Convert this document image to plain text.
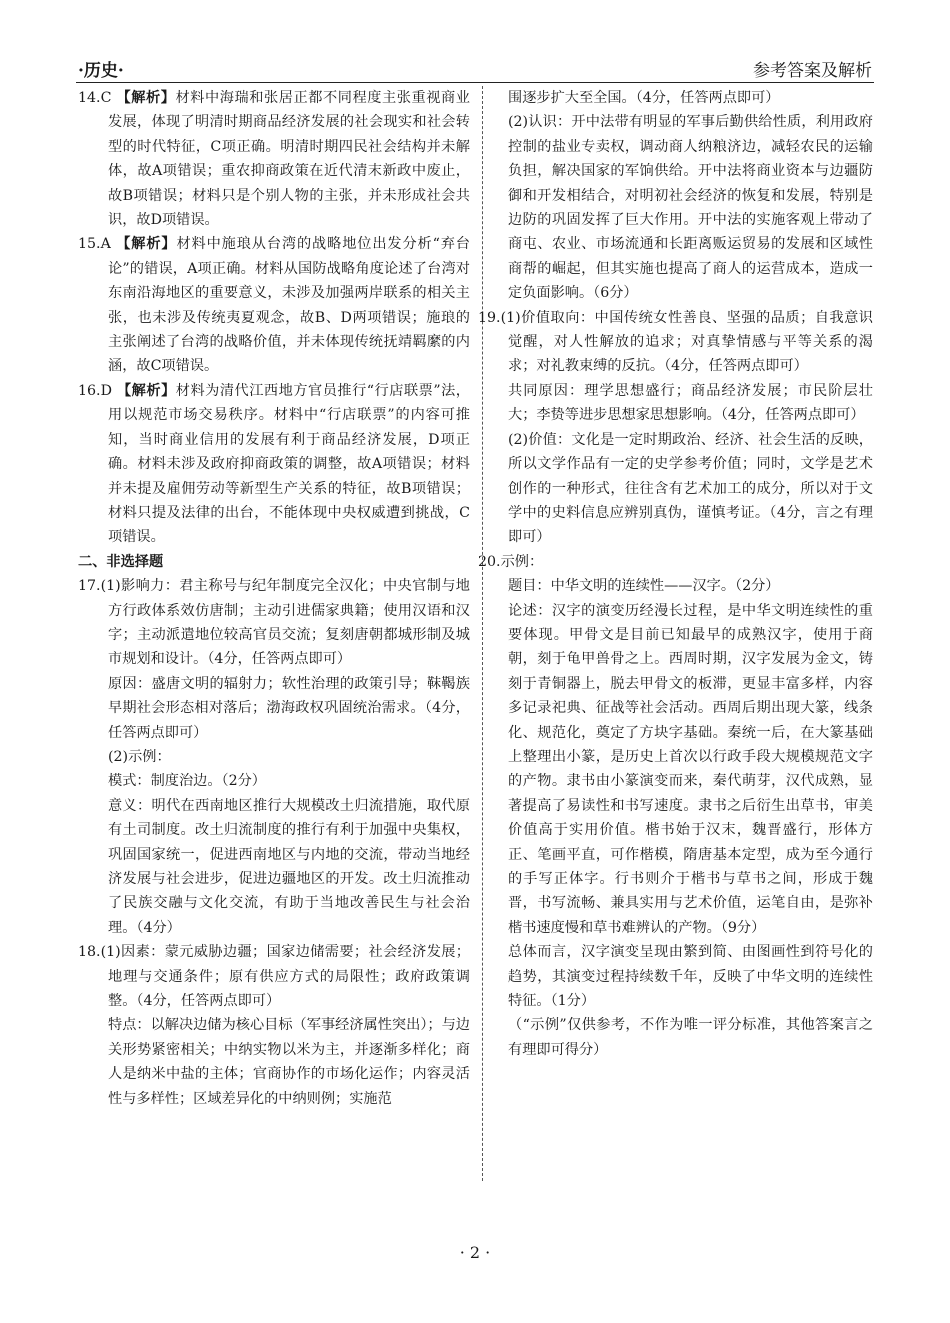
·历史·	参考答案及解析

14.C 【解析】材料中海瑞和张居正都不同程度主张重视商业发展，体现了明清时期商品经济发展的社会现实和社会转型的时代特征，C项正确。明清时期四民社会结构并未解体，故A项错误；重农抑商政策在近代清末新政中废止，故B项错误；材料只是个别人物的主张，并未形成社会共识，故D项错误。

15.A 【解析】材料中施琅从台湾的战略地位出发分析“弃台论”的错误，A项正确。材料从国防战略角度论述了台湾对东南沿海地区的重要意义，未涉及加强两岸联系的相关主张，也未涉及传统夷夏观念，故B、D两项错误；施琅的主张阐述了台湾的战略价值，并未体现传统抚靖羁縻的内涵，故C项错误。

16.D 【解析】材料为清代江西地方官员推行“行店联票”法，用以规范市场交易秩序。材料中“行店联票”的内容可推知，当时商业信用的发展有利于商品经济发展，D项正确。材料未涉及政府抑商政策的调整，故A项错误；材料并未提及雇佣劳动等新型生产关系的特征，故B项错误；材料只提及法律的出台，不能体现中央权威遭到挑战，C项错误。

二、非选择题

17.(1)影响力：君主称号与纪年制度完全汉化；中央官制与地方行政体系效仿唐制；主动引进儒家典籍；使用汉语和汉字；主动派遣地位较高官员交流；复刻唐朝都城形制及城市规划和设计。（4分，任答两点即可）

原因：盛唐文明的辐射力；软性治理的政策引导；靺鞨族早期社会形态相对落后；渤海政权巩固统治需求。（4分，任答两点即可）

(2)示例：

模式：制度治边。（2分）

意义：明代在西南地区推行大规模改土归流措施，取代原有土司制度。改土归流制度的推行有利于加强中央集权，巩固国家统一，促进西南地区与内地的交流，带动当地经济发展与社会进步，促进边疆地区的开发。改土归流推动了民族交融与文化交流，有助于当地改善民生与社会治理。（4分）

18.(1)因素：蒙元威胁边疆；国家边储需要；社会经济发展；地理与交通条件；原有供应方式的局限性；政府政策调整。（4分，任答两点即可）

特点：以解决边储为核心目标（军事经济属性突出）；与边关形势紧密相关；中纳实物以米为主，并逐渐多样化；商人是纳米中盐的主体；官商协作的市场化运作；内容灵活性与多样性；区域差异化的中纳则例；实施范

围逐步扩大至全国。（4分，任答两点即可）

(2)认识：开中法带有明显的军事后勤供给性质，利用政府控制的盐业专卖权，调动商人纳粮济边，减轻农民的运输负担，解决国家的军饷供给。开中法将商业资本与边疆防御和开发相结合，对明初社会经济的恢复和发展，特别是边防的巩固发挥了巨大作用。开中法的实施客观上带动了商屯、农业、市场流通和长距离贩运贸易的发展和区域性商帮的崛起，但其实施也提高了商人的运营成本，造成一定负面影响。（6分）

19.(1)价值取向：中国传统女性善良、坚强的品质；自我意识觉醒，对人性解放的追求；对真挚情感与平等关系的渴求；对礼教束缚的反抗。（4分，任答两点即可）

共同原因：理学思想盛行；商品经济发展；市民阶层壮大；李贽等进步思想家思想影响。（4分，任答两点即可）

(2)价值：文化是一定时期政治、经济、社会生活的反映，所以文学作品有一定的史学参考价值；同时，文学是艺术创作的一种形式，往往含有艺术加工的成分，所以对于文学中的史料信息应辨别真伪，谨慎考证。（4分，言之有理即可）

20.示例：

题目：中华文明的连续性——汉字。（2分）

论述：汉字的演变历经漫长过程，是中华文明连续性的重要体现。甲骨文是目前已知最早的成熟汉字，使用于商朝，刻于龟甲兽骨之上。西周时期，汉字发展为金文，铸刻于青铜器上，脱去甲骨文的板滞，更显丰富多样，内容多记录祀典、征战等社会活动。西周后期出现大篆，线条化、规范化，奠定了方块字基础。秦统一后，在大篆基础上整理出小篆，是历史上首次以行政手段大规模规范文字的产物。隶书由小篆演变而来，秦代萌芽，汉代成熟，显著提高了易读性和书写速度。隶书之后衍生出草书，审美价值高于实用价值。楷书始于汉末，魏晋盛行，形体方正、笔画平直，可作楷模，隋唐基本定型，成为至今通行的手写正体字。行书则介于楷书与草书之间，形成于魏晋，书写流畅、兼具实用与艺术价值，运笔自由，是弥补楷书速度慢和草书难辨认的产物。（9分）

总体而言，汉字演变呈现由繁到简、由图画性到符号化的趋势，其演变过程持续数千年，反映了中华文明的连续性特征。（1分）

（“示例”仅供参考，不作为唯一评分标准，其他答案言之有理即可得分）

· 2 ·
